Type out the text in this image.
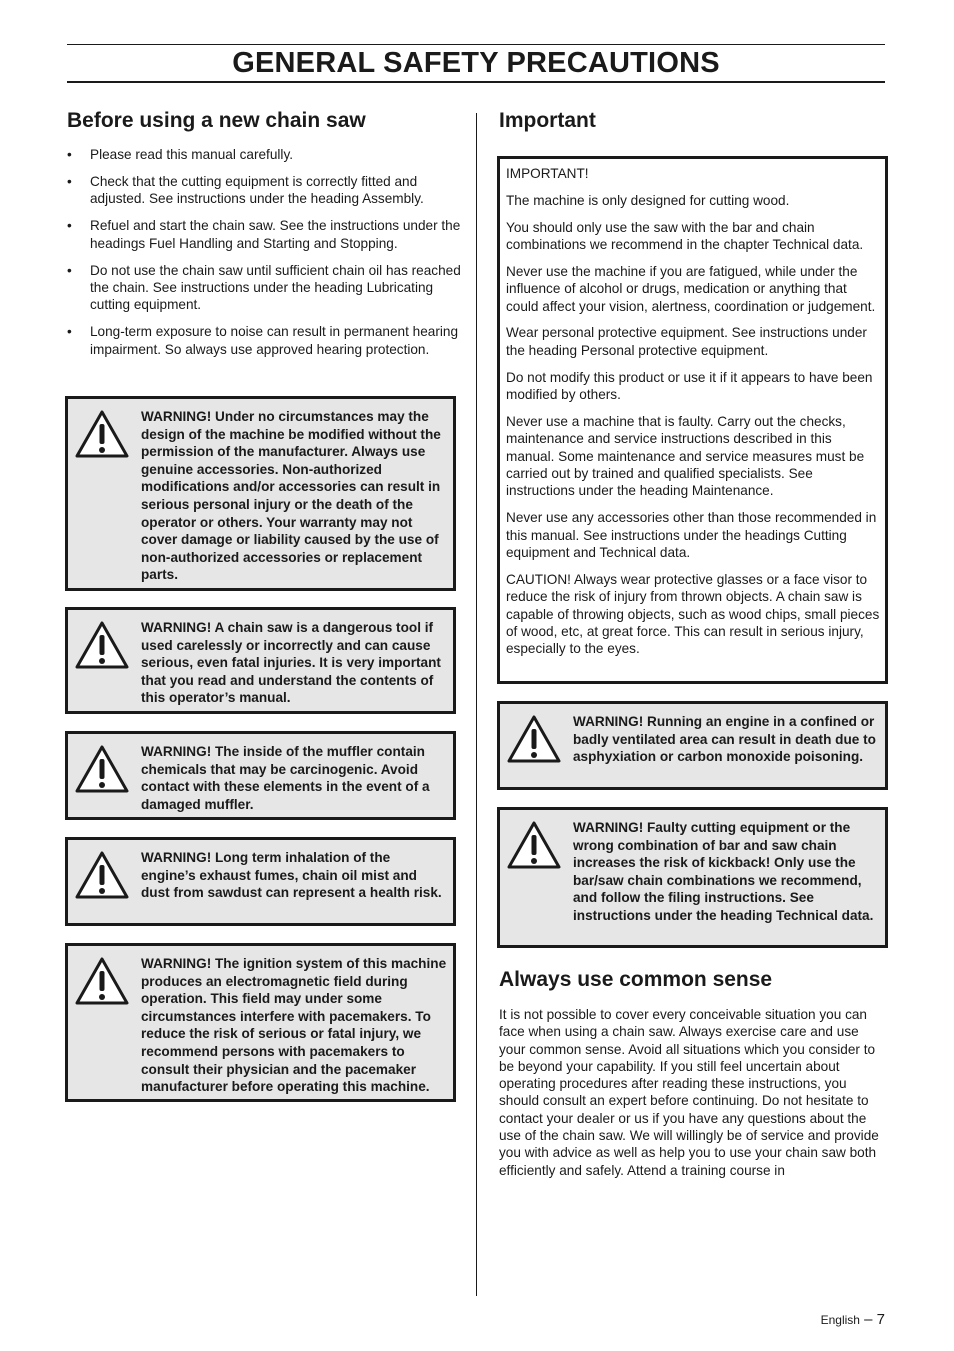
GENERAL SAFETY PRECAUTIONS
Before using a new chain saw
• Please read this manual carefully.
• Check that the cutting equipment is correctly fitted and adjusted. See instructions under the heading Assembly.
• Refuel and start the chain saw. See the instructions under the headings Fuel Handling and Starting and Stopping.
• Do not use the chain saw until sufficient chain oil has reached the chain. See instructions under the heading Lubricating cutting equipment.
• Long-term exposure to noise can result in permanent hearing impairment. So always use approved hearing protection.
WARNING! Under no circumstances may the design of the machine be modified without the permission of the manufacturer. Always use genuine accessories. Non-authorized modifications and/or accessories can result in serious personal injury or the death of the operator or others. Your warranty may not cover damage or liability caused by the use of non-authorized accessories or replacement parts.
WARNING! A chain saw is a dangerous tool if used carelessly or incorrectly and can cause serious, even fatal injuries. It is very important that you read and understand the contents of this operator’s manual.
WARNING! The inside of the muffler contain chemicals that may be carcinogenic. Avoid contact with these elements in the event of a damaged muffler.
WARNING! Long term inhalation of the engine’s exhaust fumes, chain oil mist and dust from sawdust can represent a health risk.
WARNING! The ignition system of this machine produces an electromagnetic field during operation. This field may under some circumstances interfere with pacemakers. To reduce the risk of serious or fatal injury, we recommend persons with pacemakers to consult their physician and the pacemaker manufacturer before operating this machine.
Important

IMPORTANT!

The machine is only designed for cutting wood.

You should only use the saw with the bar and chain combinations we recommend in the chapter Technical data.

Never use the machine if you are fatigued, while under the influence of alcohol or drugs, medication or anything that could affect your vision, alertness, coordination or judgement.

Wear personal protective equipment. See instructions under the heading Personal protective equipment.

Do not modify this product or use it if it appears to have been modified by others.

Never use a machine that is faulty. Carry out the checks, maintenance and service instructions described in this manual. Some maintenance and service measures must be carried out by trained and qualified specialists. See instructions under the heading Maintenance.

Never use any accessories other than those recommended in this manual. See instructions under the headings Cutting equipment and Technical data.

CAUTION! Always wear protective glasses or a face visor to reduce the risk of injury from thrown objects. A chain saw is capable of throwing objects, such as wood chips, small pieces of wood, etc, at great force. This can result in serious injury, especially to the eyes.

WARNING! Running an engine in a confined or badly ventilated area can result in death due to asphyxiation or carbon monoxide poisoning.
WARNING! Faulty cutting equipment or the wrong combination of bar and saw chain increases the risk of kickback! Only use the bar/saw chain combinations we recommend, and follow the filing instructions. See instructions under the heading Technical data.
Always use common sense

It is not possible to cover every conceivable situation you can face when using a chain saw. Always exercise care and use your common sense. Avoid all situations which you consider to be beyond your capability. If you still feel uncertain about operating procedures after reading these instructions, you should consult an expert before continuing. Do not hesitate to contact your dealer or us if you have any questions about the use of the chain saw. We will willingly be of service and provide you with advice as well as help you to use your chain saw both efficiently and safely. Attend a training course in

English – 7
